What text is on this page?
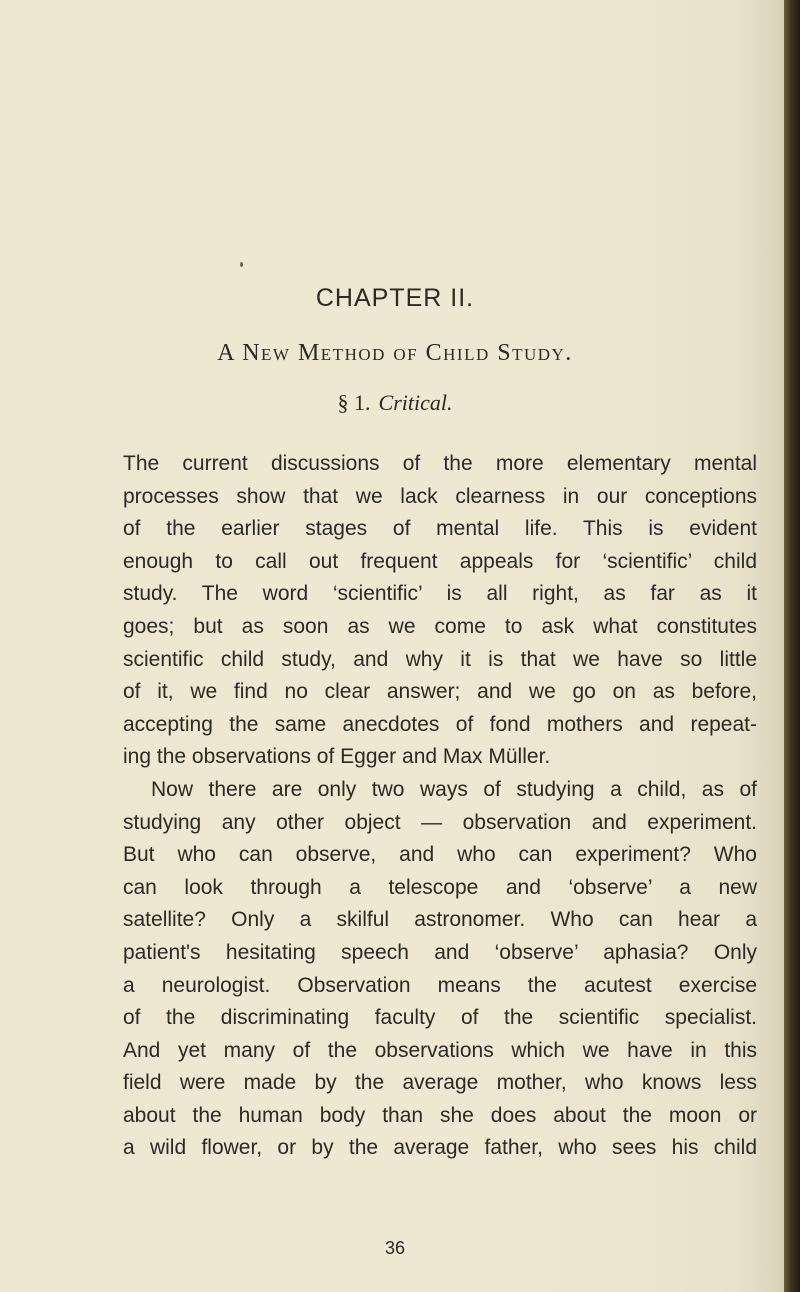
CHAPTER II.
A New Method of Child Study.
§ 1. Critical.
The current discussions of the more elementary mental
processes show that we lack clearness in our conceptions
of the earlier stages of mental life. This is evident
enough to call out frequent appeals for ‘scientific’ child
study. The word ‘scientific’ is all right, as far as it
goes; but as soon as we come to ask what constitutes
scientific child study, and why it is that we have so little
of it, we find no clear answer; and we go on as before,
accepting the same anecdotes of fond mothers and repeat-
ing the observations of Egger and Max Müller.
Now there are only two ways of studying a child, as of
studying any other object — observation and experiment.
But who can observe, and who can experiment? Who
can look through a telescope and ‘observe’ a new
satellite? Only a skilful astronomer. Who can hear a
patient's hesitating speech and ‘observe’ aphasia? Only
a neurologist. Observation means the acutest exercise
of the discriminating faculty of the scientific specialist.
And yet many of the observations which we have in this
field were made by the average mother, who knows less
about the human body than she does about the moon or
a wild flower, or by the average father, who sees his child
36
